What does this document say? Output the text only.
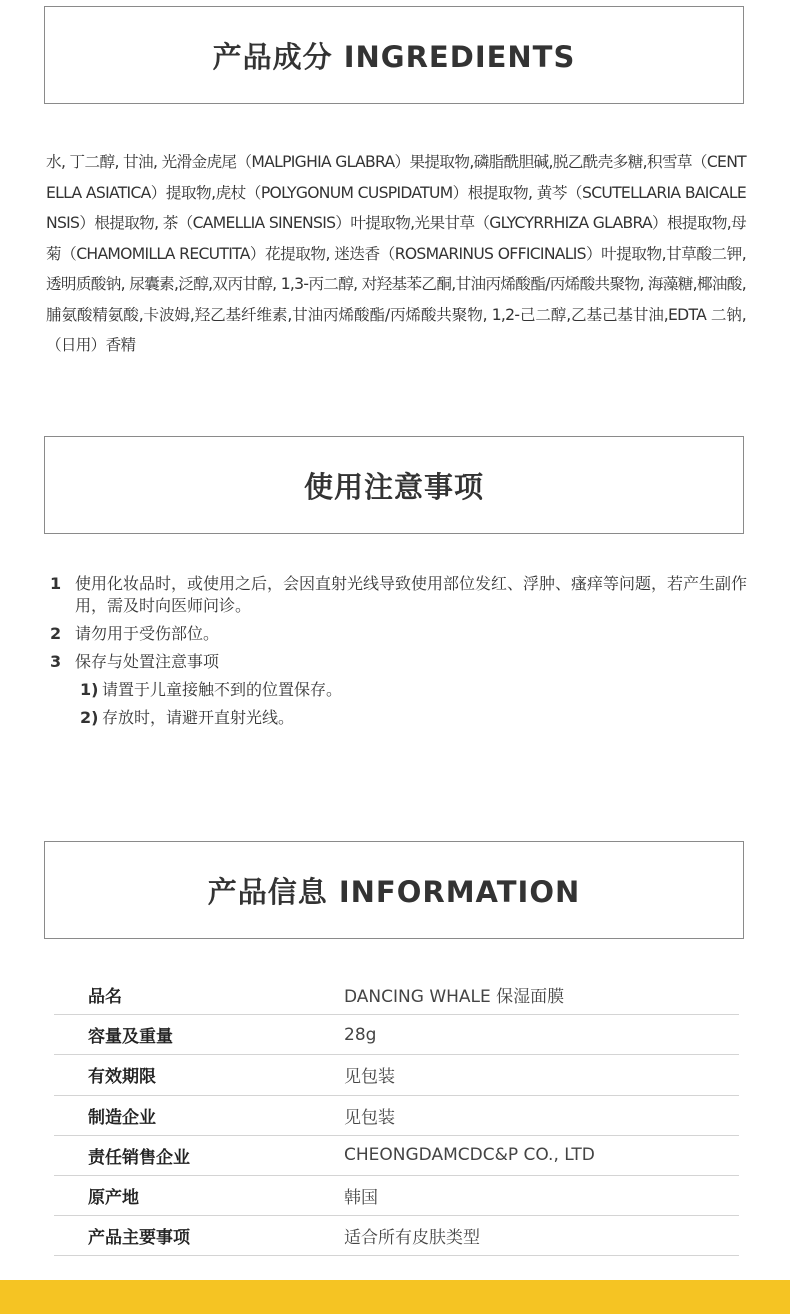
产品成分 INGREDIENTS
水, 丁二醇, 甘油, 光滑金虎尾（MALPIGHIA GLABRA）果提取物,磷脂酰胆碱,脱乙酰壳多糖,积雪草（CENTELLA ASIATICA）提取物,虎杖（POLYGONUM CUSPIDATUM）根提取物, 黄芩（SCUTELLARIA BAICALENSIS）根提取物, 茶（CAMELLIA SINENSIS）叶提取物,光果甘草（GLYCYRRHIZA GLABRA）根提取物,母菊（CHAMOMILLA RECUTITA）花提取物, 迷迭香（ROSMARINUS OFFICINALIS）叶提取物,甘草酸二钾,透明质酸钠, 尿囊素,泛醇,双丙甘醇, 1,3-丙二醇, 对羟基苯乙酮,甘油丙烯酸酯/丙烯酸共聚物, 海藻糖,椰油酸, 脯氨酸精氨酸,卡波姆,羟乙基纤维素,甘油丙烯酸酯/丙烯酸共聚物, 1,2-己二醇,乙基己基甘油,EDTA 二钠,（日用）香精
使用注意事项
1 使用化妆品时，或使用之后，会因直射光线导致使用部位发红、浮肿、瘙痒等问题，若产生副作用，需及时向医师问诊。
2 请勿用于受伤部位。
3 保存与处置注意事项
1) 请置于儿童接触不到的位置保存。
2) 存放时，请避开直射光线。
产品信息 INFORMATION
品名	DANCING WHALE 保湿面膜
容量及重量	28g
有效期限	见包装
制造企业	见包装
责任销售企业	CHEONGDAMCDC&P CO., LTD
原产地	韩国
产品主要事项	适合所有皮肤类型
